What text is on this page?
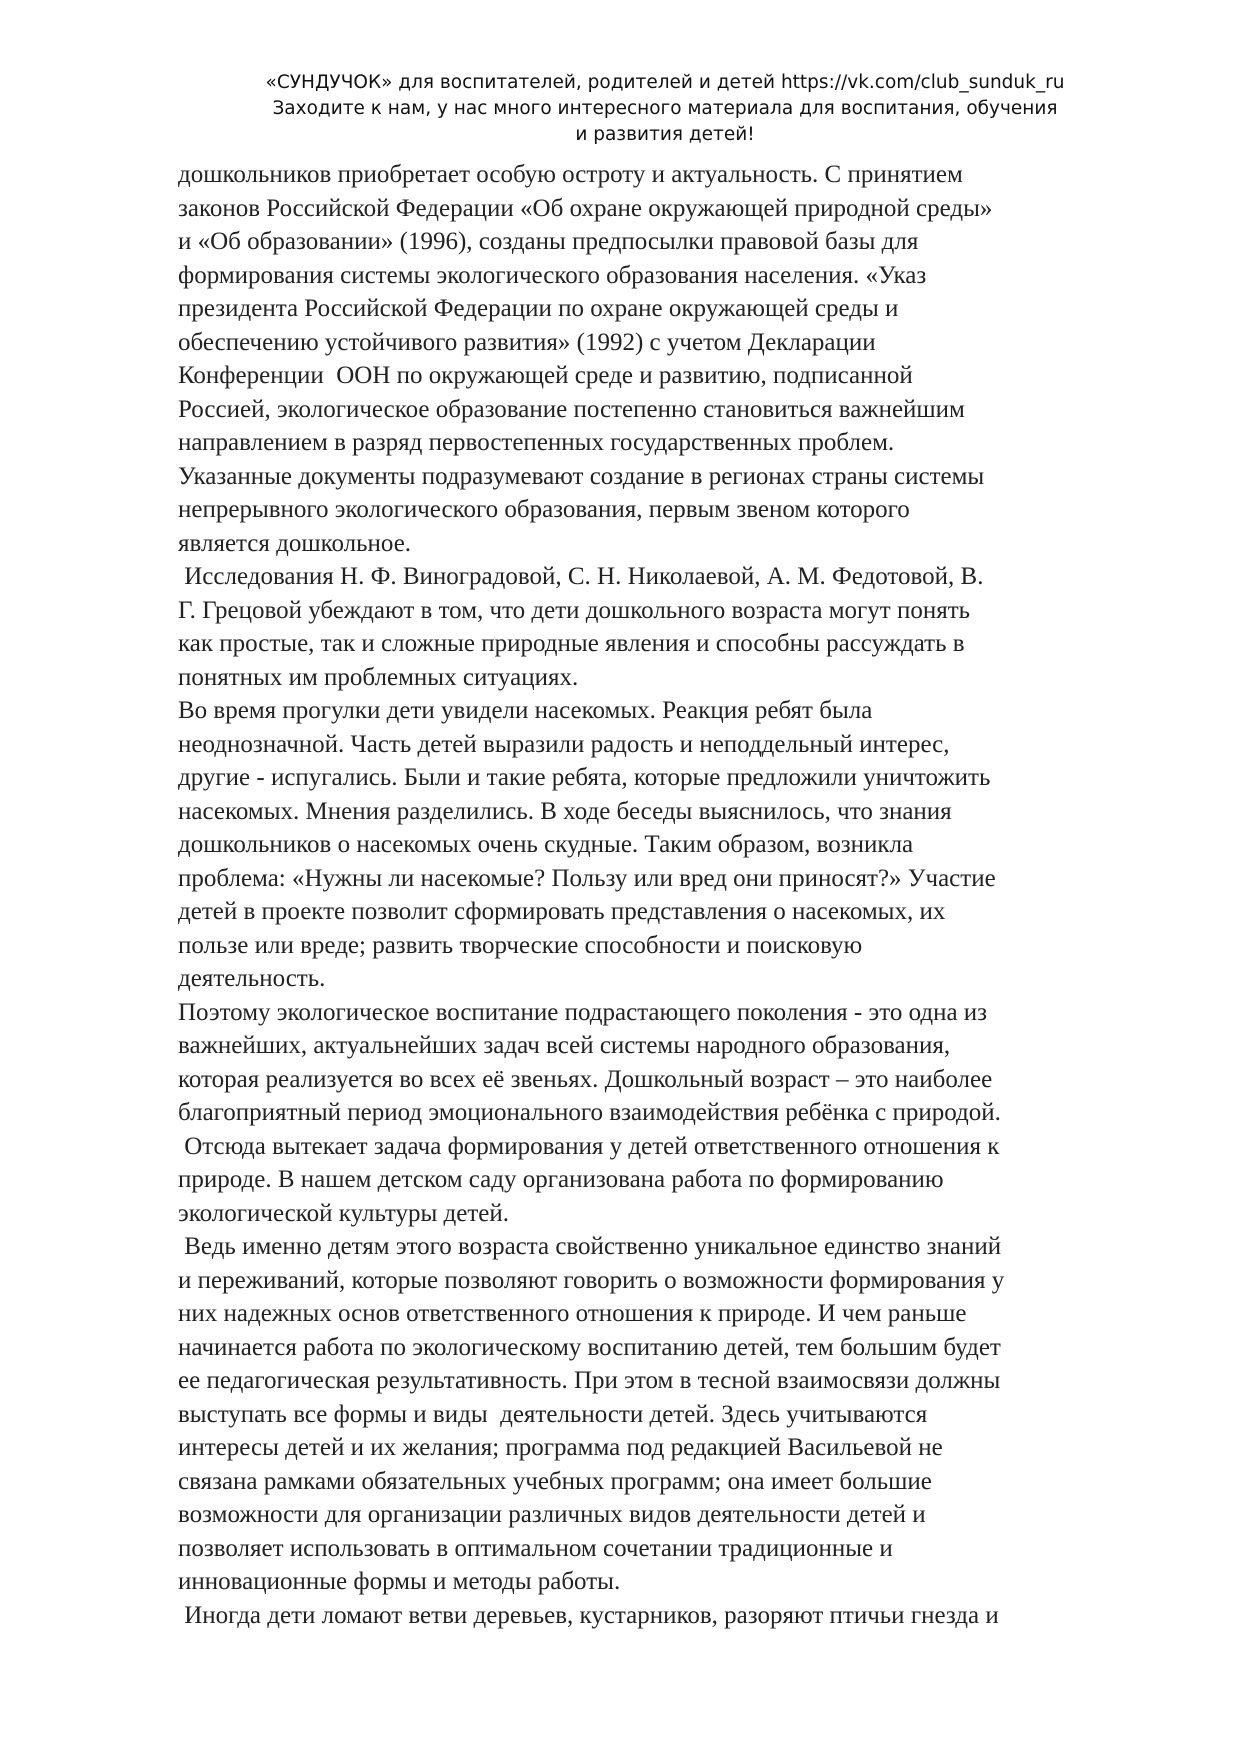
«СУНДУЧОК» для воспитателей, родителей и детей https://vk.com/club_sunduk_ru
Заходите к нам, у нас много интересного материала для воспитания, обучения
и развития детей!
дошкольников приобретает особую остроту и актуальность. С принятием
законов Российской Федерации «Об охране окружающей природной среды»
и «Об образовании» (1996), созданы предпосылки правовой базы для
формирования системы экологического образования населения. «Указ
президента Российской Федерации по охране окружающей среды и
обеспечению устойчивого развития» (1992) с учетом Декларации
Конференции  ООН по окружающей среде и развитию, подписанной
Россией, экологическое образование постепенно становиться важнейшим
направлением в разряд первостепенных государственных проблем.
Указанные документы подразумевают создание в регионах страны системы
непрерывного экологического образования, первым звеном которого
является дошкольное.
Исследования Н. Ф. Виноградовой, С. Н. Николаевой, А. М. Федотовой, В.
Г. Грецовой убеждают в том, что дети дошкольного возраста могут понять
как простые, так и сложные природные явления и способны рассуждать в
понятных им проблемных ситуациях.
Во время прогулки дети увидели насекомых. Реакция ребят была
неоднозначной. Часть детей выразили радость и неподдельный интерес,
другие - испугались. Были и такие ребята, которые предложили уничтожить
насекомых. Мнения разделились. В ходе беседы выяснилось, что знания
дошкольников о насекомых очень скудные. Таким образом, возникла
проблема: «Нужны ли насекомые? Пользу или вред они приносят?» Участие
детей в проекте позволит сформировать представления о насекомых, их
пользе или вреде; развить творческие способности и поисковую
деятельность.
Поэтому экологическое воспитание подрастающего поколения - это одна из
важнейших, актуальнейших задач всей системы народного образования,
которая реализуется во всех её звеньях. Дошкольный возраст – это наиболее
благоприятный период эмоционального взаимодействия ребёнка с природой.
Отсюда вытекает задача формирования у детей ответственного отношения к
природе. В нашем детском саду организована работа по формированию
экологической культуры детей.
Ведь именно детям этого возраста свойственно уникальное единство знаний
и переживаний, которые позволяют говорить о возможности формирования у
них надежных основ ответственного отношения к природе. И чем раньше
начинается работа по экологическому воспитанию детей, тем большим будет
ее педагогическая результативность. При этом в тесной взаимосвязи должны
выступать все формы и виды  деятельности детей. Здесь учитываются
интересы детей и их желания; программа под редакцией Васильевой не
связана рамками обязательных учебных программ; она имеет большие
возможности для организации различных видов деятельности детей и
позволяет использовать в оптимальном сочетании традиционные и
инновационные формы и методы работы.
Иногда дети ломают ветви деревьев, кустарников, разоряют птичьи гнезда и
